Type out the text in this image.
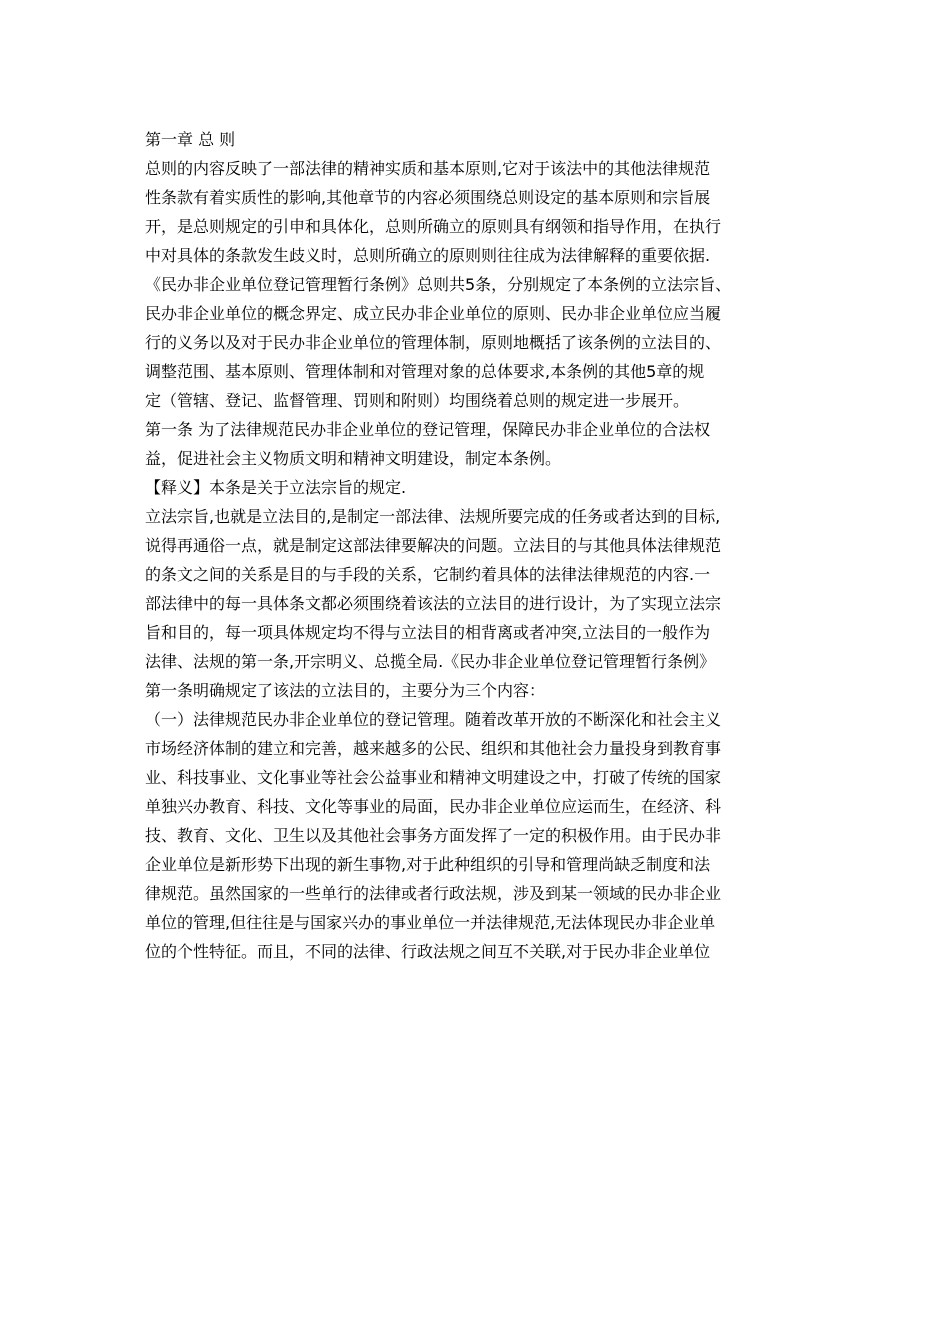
第一章 总 则
总则的内容反映了一部法律的精神实质和基本原则,它对于该法中的其他法律规范
性条款有着实质性的影响,其他章节的内容必须围绕总则设定的基本原则和宗旨展
开，是总则规定的引申和具体化，总则所确立的原则具有纲领和指导作用，在执行
中对具体的条款发生歧义时，总则所确立的原则则往往成为法律解释的重要依据.
《民办非企业单位登记管理暂行条例》总则共5条，分别规定了本条例的立法宗旨、
民办非企业单位的概念界定、成立民办非企业单位的原则、民办非企业单位应当履
行的义务以及对于民办非企业单位的管理体制，原则地概括了该条例的立法目的、
调整范围、基本原则、管理体制和对管理对象的总体要求,本条例的其他5章的规
定（管辖、登记、监督管理、罚则和附则）均围绕着总则的规定进一步展开。
第一条 为了法律规范民办非企业单位的登记管理，保障民办非企业单位的合法权
益，促进社会主义物质文明和精神文明建设，制定本条例。
【释义】本条是关于立法宗旨的规定.
立法宗旨,也就是立法目的,是制定一部法律、法规所要完成的任务或者达到的目标,
说得再通俗一点，就是制定这部法律要解决的问题。立法目的与其他具体法律规范
的条文之间的关系是目的与手段的关系，它制约着具体的法律法律规范的内容.一
部法律中的每一具体条文都必须围绕着该法的立法目的进行设计，为了实现立法宗
旨和目的，每一项具体规定均不得与立法目的相背离或者冲突,立法目的一般作为
法律、法规的第一条,开宗明义、总揽全局.《民办非企业单位登记管理暂行条例》
第一条明确规定了该法的立法目的，主要分为三个内容：
（一）法律规范民办非企业单位的登记管理。随着改革开放的不断深化和社会主义
市场经济体制的建立和完善，越来越多的公民、组织和其他社会力量投身到教育事
业、科技事业、文化事业等社会公益事业和精神文明建设之中，打破了传统的国家
单独兴办教育、科技、文化等事业的局面，民办非企业单位应运而生，在经济、科
技、教育、文化、卫生以及其他社会事务方面发挥了一定的积极作用。由于民办非
企业单位是新形势下出现的新生事物,对于此种组织的引导和管理尚缺乏制度和法
律规范。虽然国家的一些单行的法律或者行政法规，涉及到某一领域的民办非企业
单位的管理,但往往是与国家兴办的事业单位一并法律规范,无法体现民办非企业单
位的个性特征。而且，不同的法律、行政法规之间互不关联,对于民办非企业单位
